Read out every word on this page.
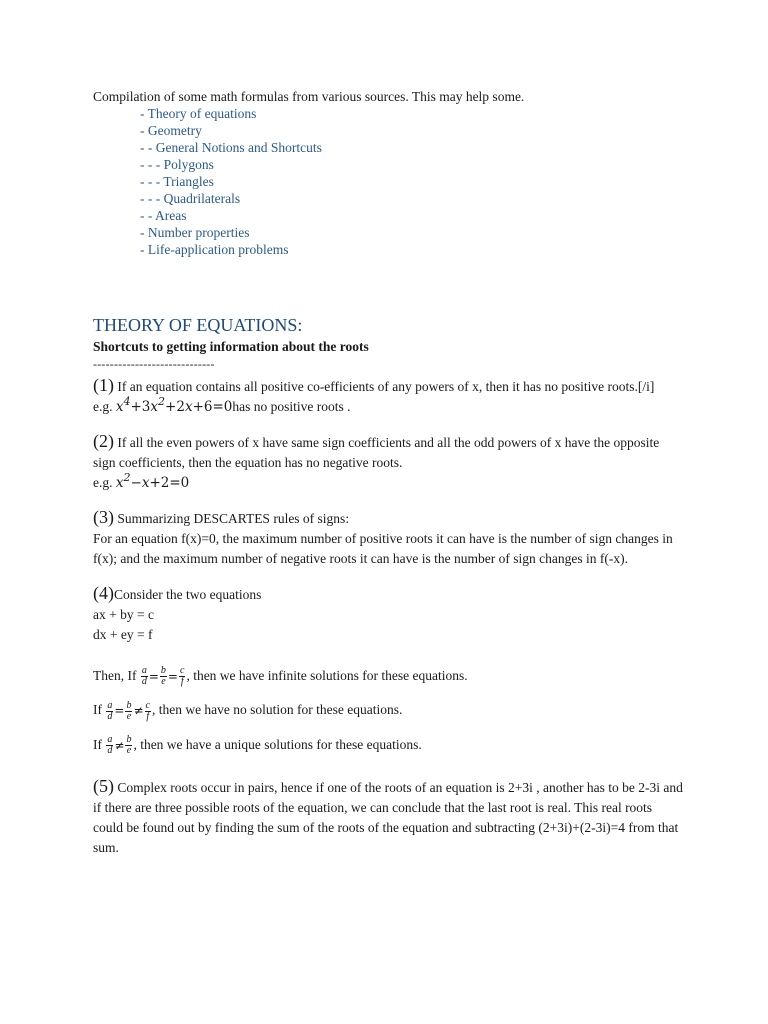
Compilation of some math formulas from various sources. This may help some.
- Theory of equations
- Geometry
- - General Notions and Shortcuts
- - - Polygons
- - - Triangles
- - - Quadrilaterals
- - Areas
- Number properties
- Life-application problems
THEORY OF EQUATIONS:
Shortcuts to getting information about the roots
-----------------------------
(1) If an equation contains all positive co-efficients of any powers of x, then it has no positive roots.[/i]
e.g. $x^4+3x^2+2x+6=0has$ no positive roots .
(2) If all the even powers of x have same sign coefficients and all the odd powers of x have the opposite sign coefficients, then the equation has no negative roots.
e.g. $x^2-x+2=0$
(3) Summarizing DESCARTES rules of signs:
For an equation f(x)=0, the maximum number of positive roots it can have is the number of sign changes in f(x); and the maximum number of negative roots it can have is the number of sign changes in f(-x).
(4)Consider the two equations
ax + by = c
dx + ey = f
Then, If $\frac{a}{d} = \frac{b}{e} = \frac{c}{f}$ , then we have infinite solutions for these equations.
If $\frac{a}{d} = \frac{b}{e} \ne \frac{c}{f}$ , then we have no solution for these equations.
If $\frac{a}{d} \ne \frac{b}{e}$ , then we have a unique solutions for these equations.
(5) Complex roots occur in pairs, hence if one of the roots of an equation is 2+3i , another has to be 2-3i and if there are three possible roots of the equation, we can conclude that the last root is real. This real roots could be found out by finding the sum of the roots of the equation and subtracting (2+3i)+(2-3i)=4 from that sum.
